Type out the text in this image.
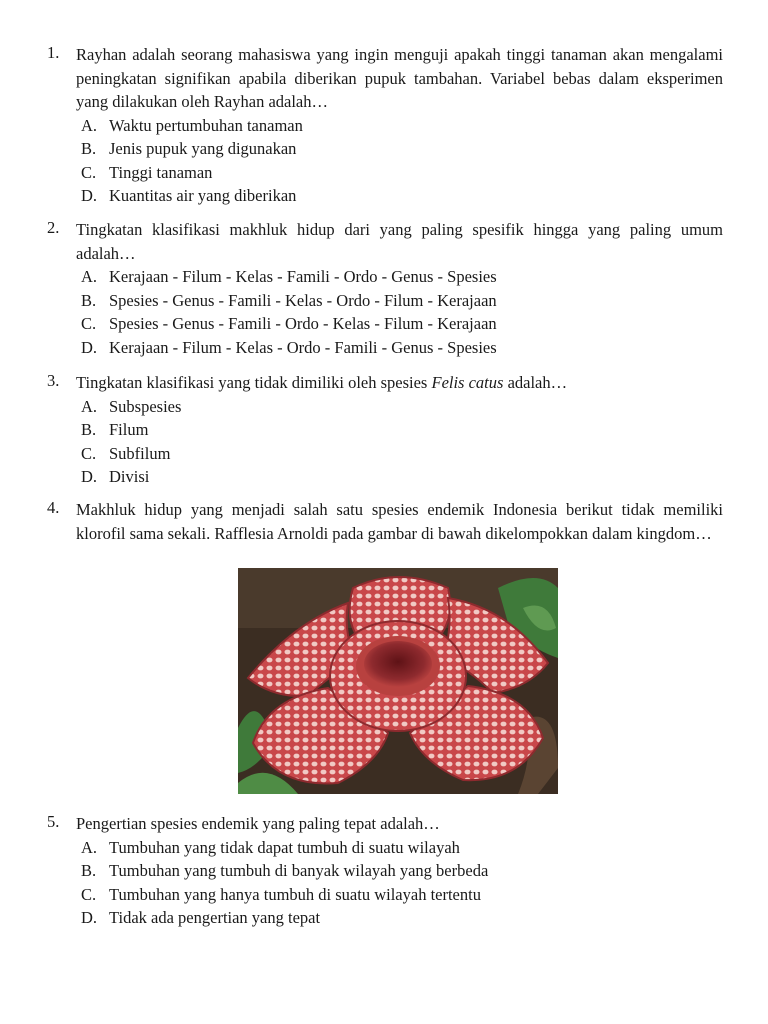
1.	Rayhan adalah seorang mahasiswa yang ingin menguji apakah tinggi tanaman akan mengalami peningkatan signifikan apabila diberikan pupuk tambahan. Variabel bebas dalam eksperimen yang dilakukan oleh Rayhan adalah…
A. Waktu pertumbuhan tanaman
B. Jenis pupuk yang digunakan
C. Tinggi tanaman
D. Kuantitas air yang diberikan
2.	Tingkatan klasifikasi makhluk hidup dari yang paling spesifik hingga yang paling umum adalah…
A. Kerajaan - Filum - Kelas - Famili - Ordo - Genus - Spesies
B. Spesies - Genus - Famili - Kelas - Ordo - Filum - Kerajaan
C. Spesies - Genus - Famili - Ordo - Kelas - Filum - Kerajaan
D. Kerajaan - Filum - Kelas - Ordo - Famili - Genus - Spesies
3.	Tingkatan klasifikasi yang tidak dimiliki oleh spesies Felis catus adalah…
A. Subspesies
B. Filum
C. Subfilum
D. Divisi
4.	Makhluk hidup yang menjadi salah satu spesies endemik Indonesia berikut tidak memiliki klorofil sama sekali. Rafflesia Arnoldi pada gambar di bawah dikelompokkan dalam kingdom…
5.	Pengertian spesies endemik yang paling tepat adalah…
A. Tumbuhan yang tidak dapat tumbuh di suatu wilayah
B. Tumbuhan yang tumbuh di banyak wilayah yang berbeda
C. Tumbuhan yang hanya tumbuh di suatu wilayah tertentu
D. Tidak ada pengertian yang tepat
